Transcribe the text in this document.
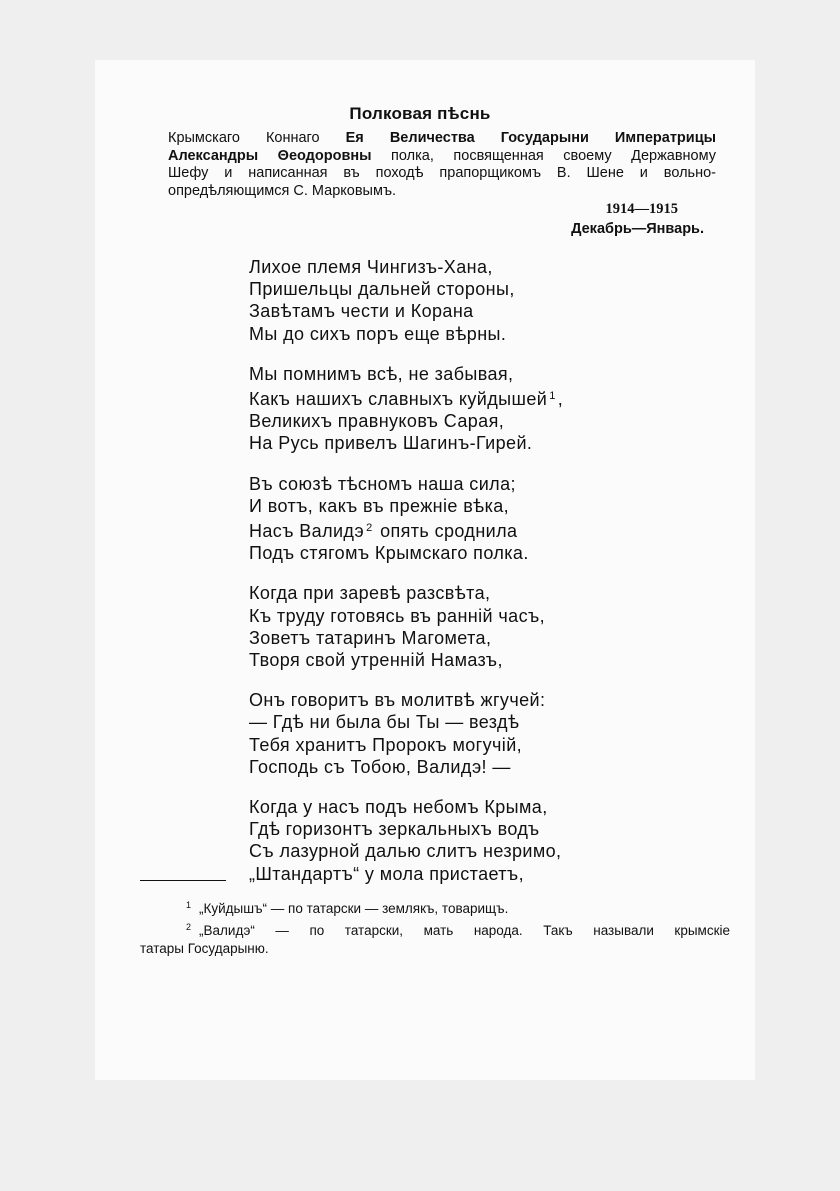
Полковая пѣснь
Крымскаго Коннаго Ея Величества Государыни Императрицы
Александры Θеодоровны полка, посвященная своему Державному
Шефу и написанная въ походѣ прапорщикомъ В. Шене и вольно-
опредѣляющимся С. Марковымъ.
1914—1915
Декабрь—Январь.
Лихое племя Чингизъ-Хана,
Пришельцы дальней стороны,
Завѣтамъ чести и Корана
Мы до сихъ поръ еще вѣрны.
Мы помнимъ всѣ, не забывая,
Какъ нашихъ славныхъ куйдышей $^1$ ,
Великихъ правнуковъ Сарая,
На Русь привелъ Шагинъ-Гирей.
Въ союзѣ тѣсномъ наша сила;
И вотъ, какъ въ прежніе вѣка,
Насъ Валидэ $^2$ опять сроднила
Подъ стягомъ Крымскаго полка.
Когда при заревѣ разсвѣта,
Къ труду готовясь въ раннiй часъ,
Зоветъ татаринъ Магомета,
Творя свой утреннiй Намазъ,
Онъ говоритъ въ молитвѣ жгучей:
— Гдѣ ни была бы Ты — вездѣ
Тебя хранитъ Пророкъ могучiй,
Господь съ Тобою, Валидэ! —
Когда у насъ подъ небомъ Крыма,
Гдѣ горизонтъ зеркальныхъ водъ
Съ лазурной далью слитъ незримо,
„Штандартъ“ у мола пристаетъ,
$^1$ „Куйдышъ“ — по татарски — землякъ, товарищъ.
$^2$ „Валидэ“ — по татарски, мать народа. Такъ называли крымскiе
татары Государыню.
